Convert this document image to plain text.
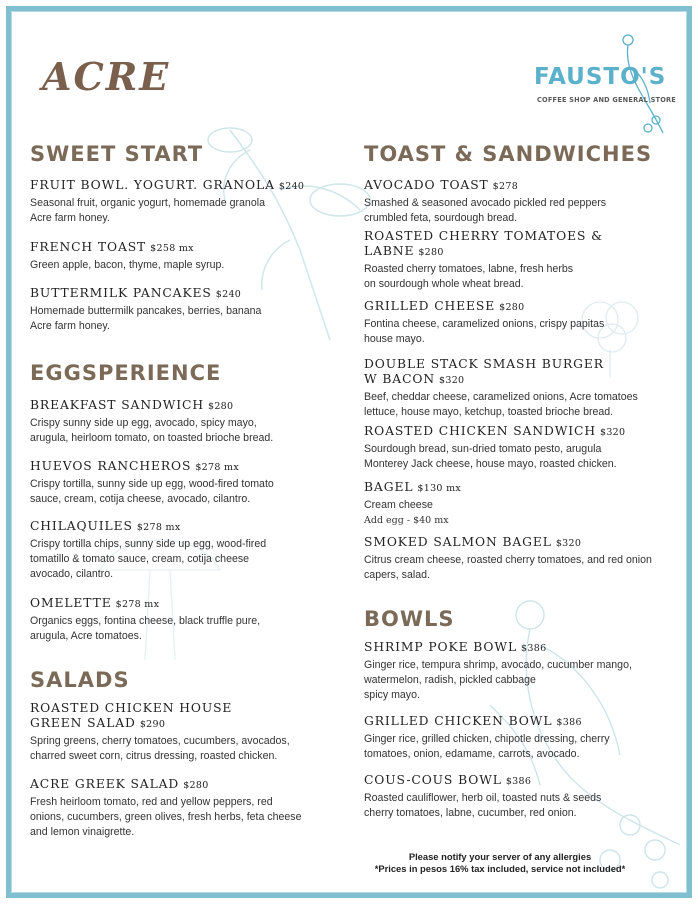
ACRE	FAUSTO'S
COFFEE SHOP AND GENERAL STORE
SWEET START
FRUIT BOWL. YOGURT. GRANOLA $240
Seasonal fruit, organic yogurt, homemade granola
Acre farm honey.
FRENCH TOAST $258 mx
Green apple, bacon, thyme, maple syrup.
BUTTERMILK PANCAKES $240
Homemade buttermilk pancakes, berries, banana
Acre farm honey.
EGGSPERIENCE
BREAKFAST SANDWICH $280
Crispy sunny side up egg, avocado, spicy mayo,
arugula, heirloom tomato, on toasted brioche bread.
HUEVOS RANCHEROS $278 mx
Crispy tortilla, sunny side up egg, wood-fired tomato
sauce, cream, cotija cheese, avocado, cilantro.
CHILAQUILES $278 mx
Crispy tortilla chips, sunny side up egg, wood-fired
tomatillo & tomato sauce, cream, cotija cheese
avocado, cilantro.
OMELETTE $278 mx
Organics eggs, fontina cheese, black truffle pure,
arugula, Acre tomatoes.
SALADS
ROASTED CHICKEN HOUSE
GREEN SALAD $290
Spring greens, cherry tomatoes, cucumbers, avocados,
charred sweet corn, citrus dressing, roasted chicken.
ACRE GREEK SALAD $280
Fresh heirloom tomato, red and yellow peppers, red
onions, cucumbers, green olives, fresh herbs, feta cheese
and lemon vinaigrette.
TOAST & SANDWICHES
AVOCADO TOAST $278
Smashed & seasoned avocado pickled red peppers
crumbled feta, sourdough bread.
ROASTED CHERRY TOMATOES &
LABNE $280
Roasted cherry tomatoes, labne, fresh herbs
on sourdough whole wheat bread.
GRILLED CHEESE $280
Fontina cheese, caramelized onions, crispy papitas
house mayo.
DOUBLE STACK SMASH BURGER
W BACON $320
Beef, cheddar cheese, caramelized onions, Acre tomatoes
lettuce, house mayo, ketchup, toasted brioche bread.
ROASTED CHICKEN SANDWICH $320
Sourdough bread, sun-dried tomato pesto, arugula
Monterey Jack cheese, house mayo, roasted chicken.
BAGEL $130 mx
Cream cheese
Add egg - $40 mx
SMOKED SALMON BAGEL $320
Citrus cream cheese, roasted cherry tomatoes, and red onion
capers, salad.
BOWLS
SHRIMP POKE BOWL $386
Ginger rice, tempura shrimp, avocado, cucumber mango,
watermelon, radish, pickled cabbage
spicy mayo.
GRILLED CHICKEN BOWL $386
Ginger rice, grilled chicken, chipotle dressing, cherry
tomatoes, onion, edamame, carrots, avocado.
COUS-COUS BOWL $386
Roasted cauliflower, herb oil, toasted nuts & seeds
cherry tomatoes, labne, cucumber, red onion.
Please notify your server of any allergies
*Prices in pesos 16% tax included, service not included*
